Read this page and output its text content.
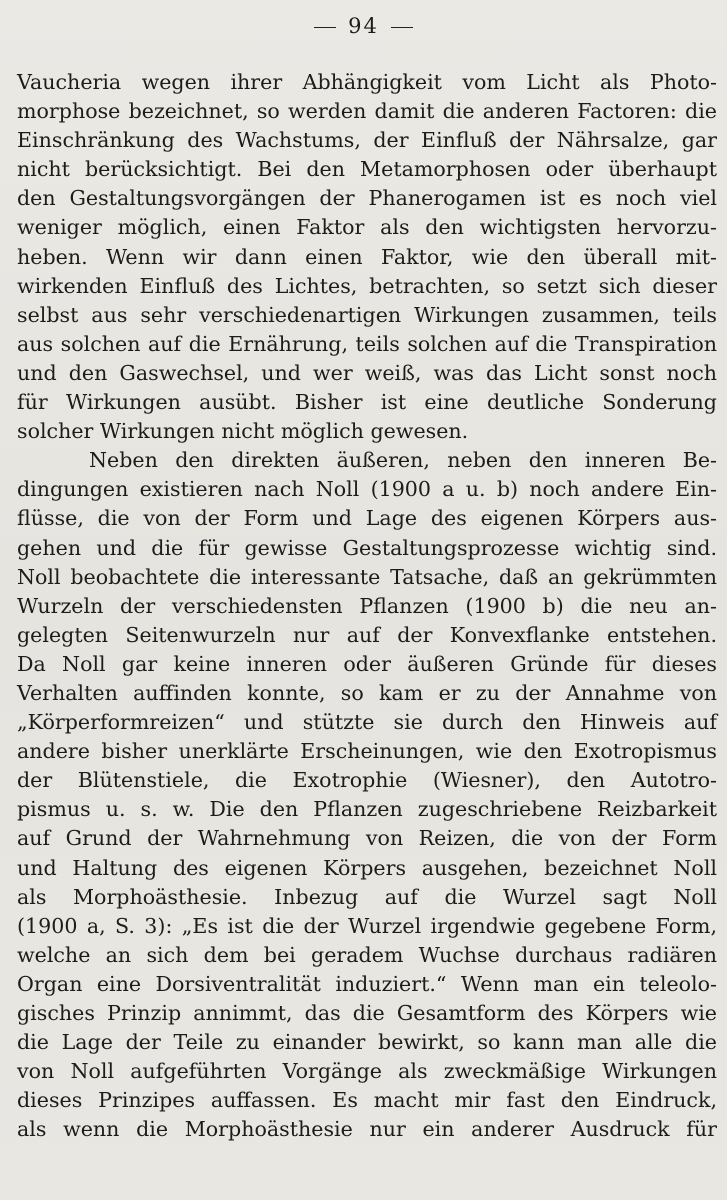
94
Vaucheria wegen ihrer Abhängigkeit vom Licht als Photo-
morphose bezeichnet, so werden damit die anderen Factoren: die
Einschränkung des Wachstums, der Einfluß der Nährsalze, gar
nicht berücksichtigt. Bei den Metamorphosen oder überhaupt
den Gestaltungsvorgängen der Phanerogamen ist es noch viel
weniger möglich, einen Faktor als den wichtigsten hervorzu-
heben. Wenn wir dann einen Faktor, wie den überall mit-
wirkenden Einfluß des Lichtes, betrachten, so setzt sich dieser
selbst aus sehr verschiedenartigen Wirkungen zusammen, teils
aus solchen auf die Ernährung, teils solchen auf die Transpiration
und den Gaswechsel, und wer weiß, was das Licht sonst noch
für Wirkungen ausübt. Bisher ist eine deutliche Sonderung
solcher Wirkungen nicht möglich gewesen.
Neben den direkten äußeren, neben den inneren Be-
dingungen existieren nach Noll (1900 a u. b) noch andere Ein-
flüsse, die von der Form und Lage des eigenen Körpers aus-
gehen und die für gewisse Gestaltungsprozesse wichtig sind.
Noll beobachtete die interessante Tatsache, daß an gekrümmten
Wurzeln der verschiedensten Pflanzen (1900 b) die neu an-
gelegten Seitenwurzeln nur auf der Konvexflanke entstehen.
Da Noll gar keine inneren oder äußeren Gründe für dieses
Verhalten auffinden konnte, so kam er zu der Annahme von
„Körperformreizen“ und stützte sie durch den Hinweis auf
andere bisher unerklärte Erscheinungen, wie den Exotropismus
der Blütenstiele, die Exotrophie (Wiesner), den Autotro-
pismus u. s. w. Die den Pflanzen zugeschriebene Reizbarkeit
auf Grund der Wahrnehmung von Reizen, die von der Form
und Haltung des eigenen Körpers ausgehen, bezeichnet Noll
als Morphoästhesie. Inbezug auf die Wurzel sagt Noll
(1900 a, S. 3): „Es ist die der Wurzel irgendwie gegebene Form,
welche an sich dem bei geradem Wuchse durchaus radiären
Organ eine Dorsiventralität induziert.“ Wenn man ein teleolo-
gisches Prinzip annimmt, das die Gesamtform des Körpers wie
die Lage der Teile zu einander bewirkt, so kann man alle die
von Noll aufgeführten Vorgänge als zweckmäßige Wirkungen
dieses Prinzipes auffassen. Es macht mir fast den Eindruck,
als wenn die Morphoästhesie nur ein anderer Ausdruck für
